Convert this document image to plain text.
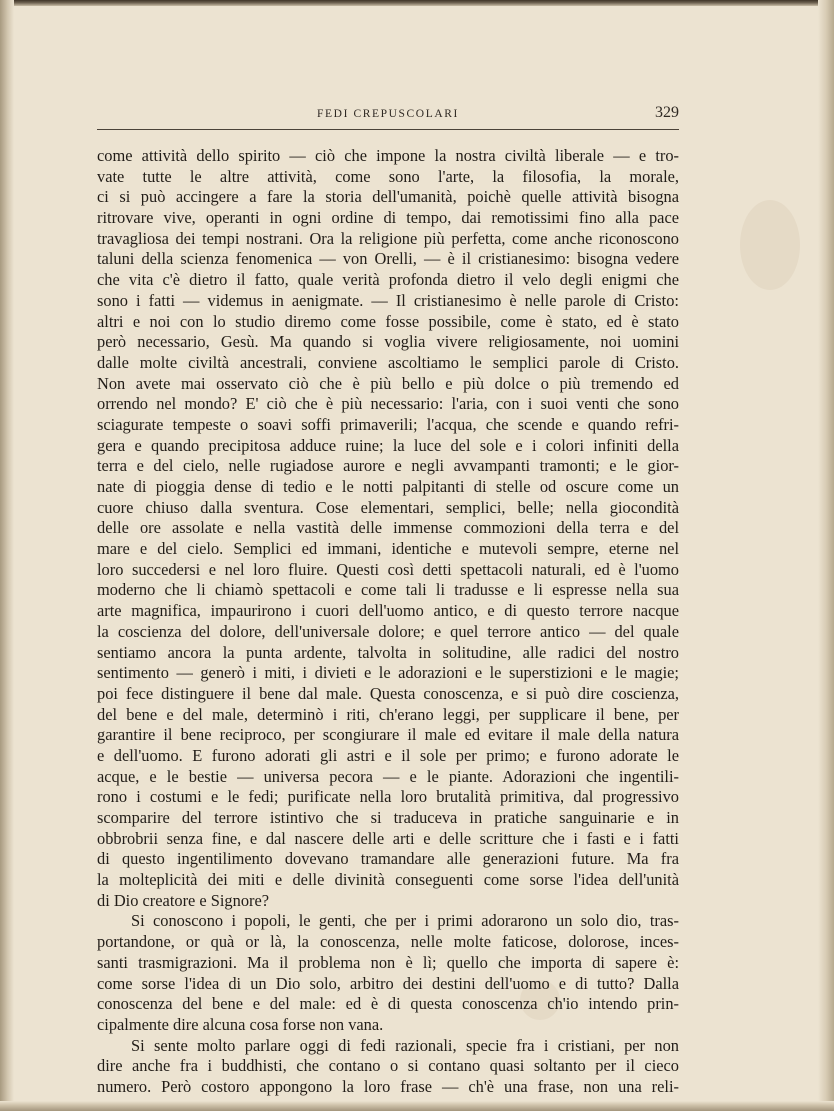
FEDI CREPUSCOLARI	329
come attività dello spirito — ciò che impone la nostra civiltà liberale — e tro-
vate tutte le altre attività, come sono l'arte, la filosofia, la morale,
ci si può accingere a fare la storia dell'umanità, poichè quelle attività bisogna
ritrovare vive, operanti in ogni ordine di tempo, dai remotissimi fino alla pace
travagliosa dei tempi nostrani. Ora la religione più perfetta, come anche riconoscono
taluni della scienza fenomenica — von Orelli, — è il cristianesimo: bisogna vedere
che vita c'è dietro il fatto, quale verità profonda dietro il velo degli enigmi che
sono i fatti — videmus in aenigmate. — Il cristianesimo è nelle parole di Cristo:
altri e noi con lo studio diremo come fosse possibile, come è stato, ed è stato
però necessario, Gesù. Ma quando si voglia vivere religiosamente, noi uomini
dalle molte civiltà ancestrali, conviene ascoltiamo le semplici parole di Cristo.
Non avete mai osservato ciò che è più bello e più dolce o più tremendo ed
orrendo nel mondo? E' ciò che è più necessario: l'aria, con i suoi venti che sono
sciagurate tempeste o soavi soffi primaverili; l'acqua, che scende e quando refri-
gera e quando precipitosa adduce ruine; la luce del sole e i colori infiniti della
terra e del cielo, nelle rugiadose aurore e negli avvampanti tramonti; e le gior-
nate di pioggia dense di tedio e le notti palpitanti di stelle od oscure come un
cuore chiuso dalla sventura. Cose elementari, semplici, belle; nella giocondità
delle ore assolate e nella vastità delle immense commozioni della terra e del
mare e del cielo. Semplici ed immani, identiche e mutevoli sempre, eterne nel
loro succedersi e nel loro fluire. Questi così detti spettacoli naturali, ed è l'uomo
moderno che li chiamò spettacoli e come tali li tradusse e li espresse nella sua
arte magnifica, impaurirono i cuori dell'uomo antico, e di questo terrore nacque
la coscienza del dolore, dell'universale dolore; e quel terrore antico — del quale
sentiamo ancora la punta ardente, talvolta in solitudine, alle radici del nostro
sentimento — generò i miti, i divieti e le adorazioni e le superstizioni e le magie;
poi fece distinguere il bene dal male. Questa conoscenza, e si può dire coscienza,
del bene e del male, determinò i riti, ch'erano leggi, per supplicare il bene, per
garantire il bene reciproco, per scongiurare il male ed evitare il male della natura
e dell'uomo. E furono adorati gli astri e il sole per primo; e furono adorate le
acque, e le bestie — universa pecora — e le piante. Adorazioni che ingentili-
rono i costumi e le fedi; purificate nella loro brutalità primitiva, dal progressivo
scomparire del terrore istintivo che si traduceva in pratiche sanguinarie e in
obbrobrii senza fine, e dal nascere delle arti e delle scritture che i fasti e i fatti
di questo ingentilimento dovevano tramandare alle generazioni future. Ma fra
la molteplicità dei miti e delle divinità conseguenti come sorse l'idea dell'unità
di Dio creatore e Signore?
Si conoscono i popoli, le genti, che per i primi adorarono un solo dio, tras-
portandone, or quà or là, la conoscenza, nelle molte faticose, dolorose, inces-
santi trasmigrazioni. Ma il problema non è lì; quello che importa di sapere è:
come sorse l'idea di un Dio solo, arbitro dei destini dell'uomo e di tutto? Dalla
conoscenza del bene e del male: ed è di questa conoscenza ch'io intendo prin-
cipalmente dire alcuna cosa forse non vana.
Si sente molto parlare oggi di fedi razionali, specie fra i cristiani, per non
dire anche fra i buddhisti, che contano o si contano quasi soltanto per il cieco
numero. Però costoro appongono la loro frase — ch'è una frase, non una reli-
